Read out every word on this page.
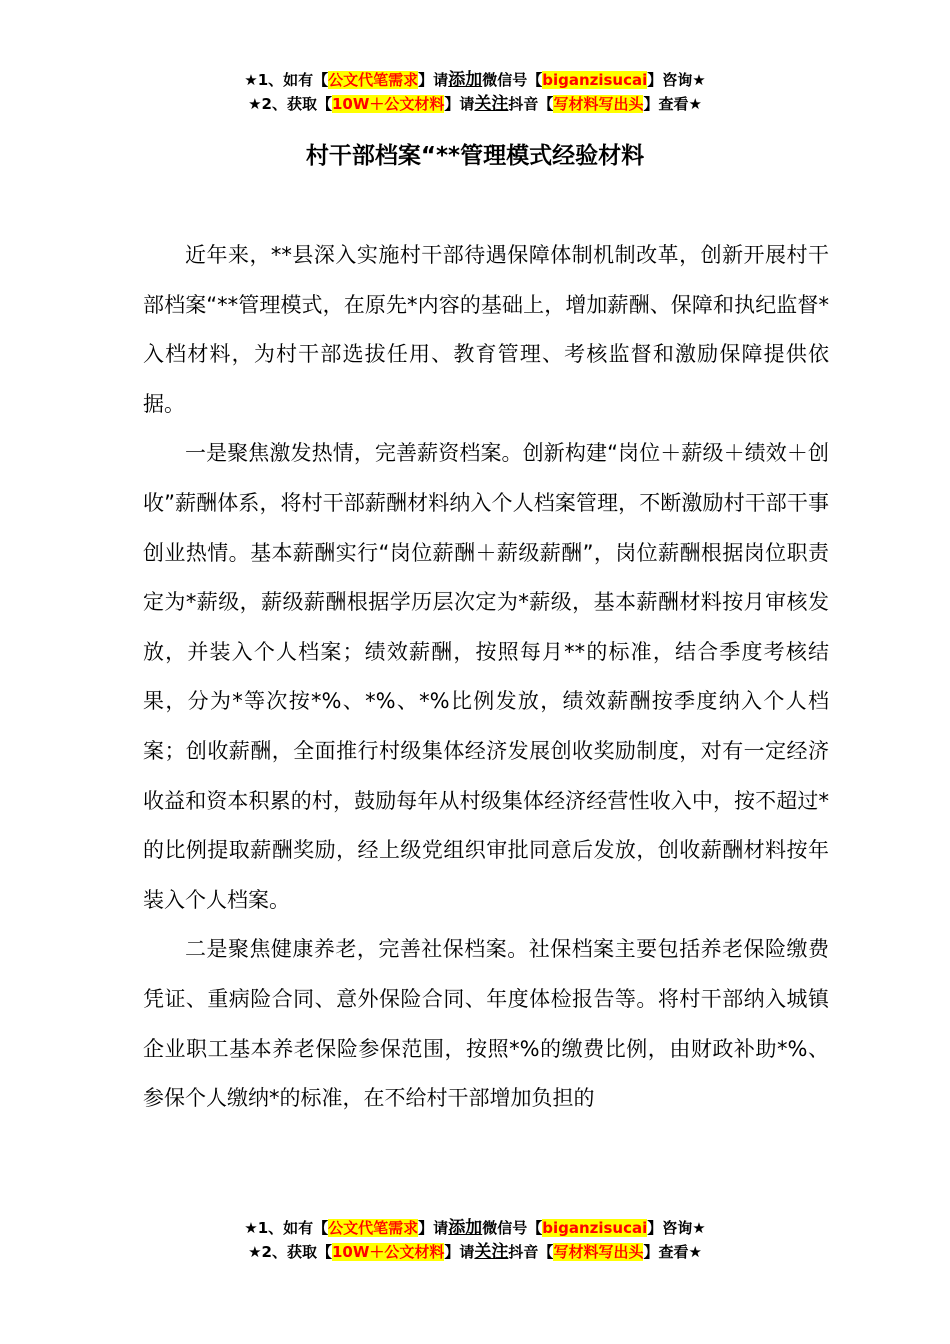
★1、如有【公文代笔需求】请添加微信号【biganzisucai】咨询★
★2、获取【10W＋公文材料】请关注抖音【写材料写出头】查看★
村干部档案“**管理模式经验材料

近年来，**县深入实施村干部待遇保障体制机制改革，创新开展村干部档案“**管理模式，在原先*内容的基础上，增加薪酬、保障和执纪监督*入档材料，为村干部选拔任用、教育管理、考核监督和激励保障提供依据。

一是聚焦激发热情，完善薪资档案。创新构建“岗位＋薪级＋绩效＋创收”薪酬体系，将村干部薪酬材料纳入个人档案管理，不断激励村干部干事创业热情。基本薪酬实行“岗位薪酬＋薪级薪酬”，岗位薪酬根据岗位职责定为*薪级，薪级薪酬根据学历层次定为*薪级，基本薪酬材料按月审核发放，并装入个人档案；绩效薪酬，按照每月**的标准，结合季度考核结果，分为*等次按*%、*%、*%比例发放，绩效薪酬按季度纳入个人档案；创收薪酬，全面推行村级集体经济发展创收奖励制度，对有一定经济收益和资本积累的村，鼓励每年从村级集体经济经营性收入中，按不超过*的比例提取薪酬奖励，经上级党组织审批同意后发放，创收薪酬材料按年装入个人档案。

二是聚焦健康养老，完善社保档案。社保档案主要包括养老保险缴费凭证、重病险合同、意外保险合同、年度体检报告等。将村干部纳入城镇企业职工基本养老保险参保范围，按照*%的缴费比例，由财政补助*%、参保个人缴纳*的标准，在不给村干部增加负担的

★1、如有【公文代笔需求】请添加微信号【biganzisucai】咨询★
★2、获取【10W＋公文材料】请关注抖音【写材料写出头】查看★
